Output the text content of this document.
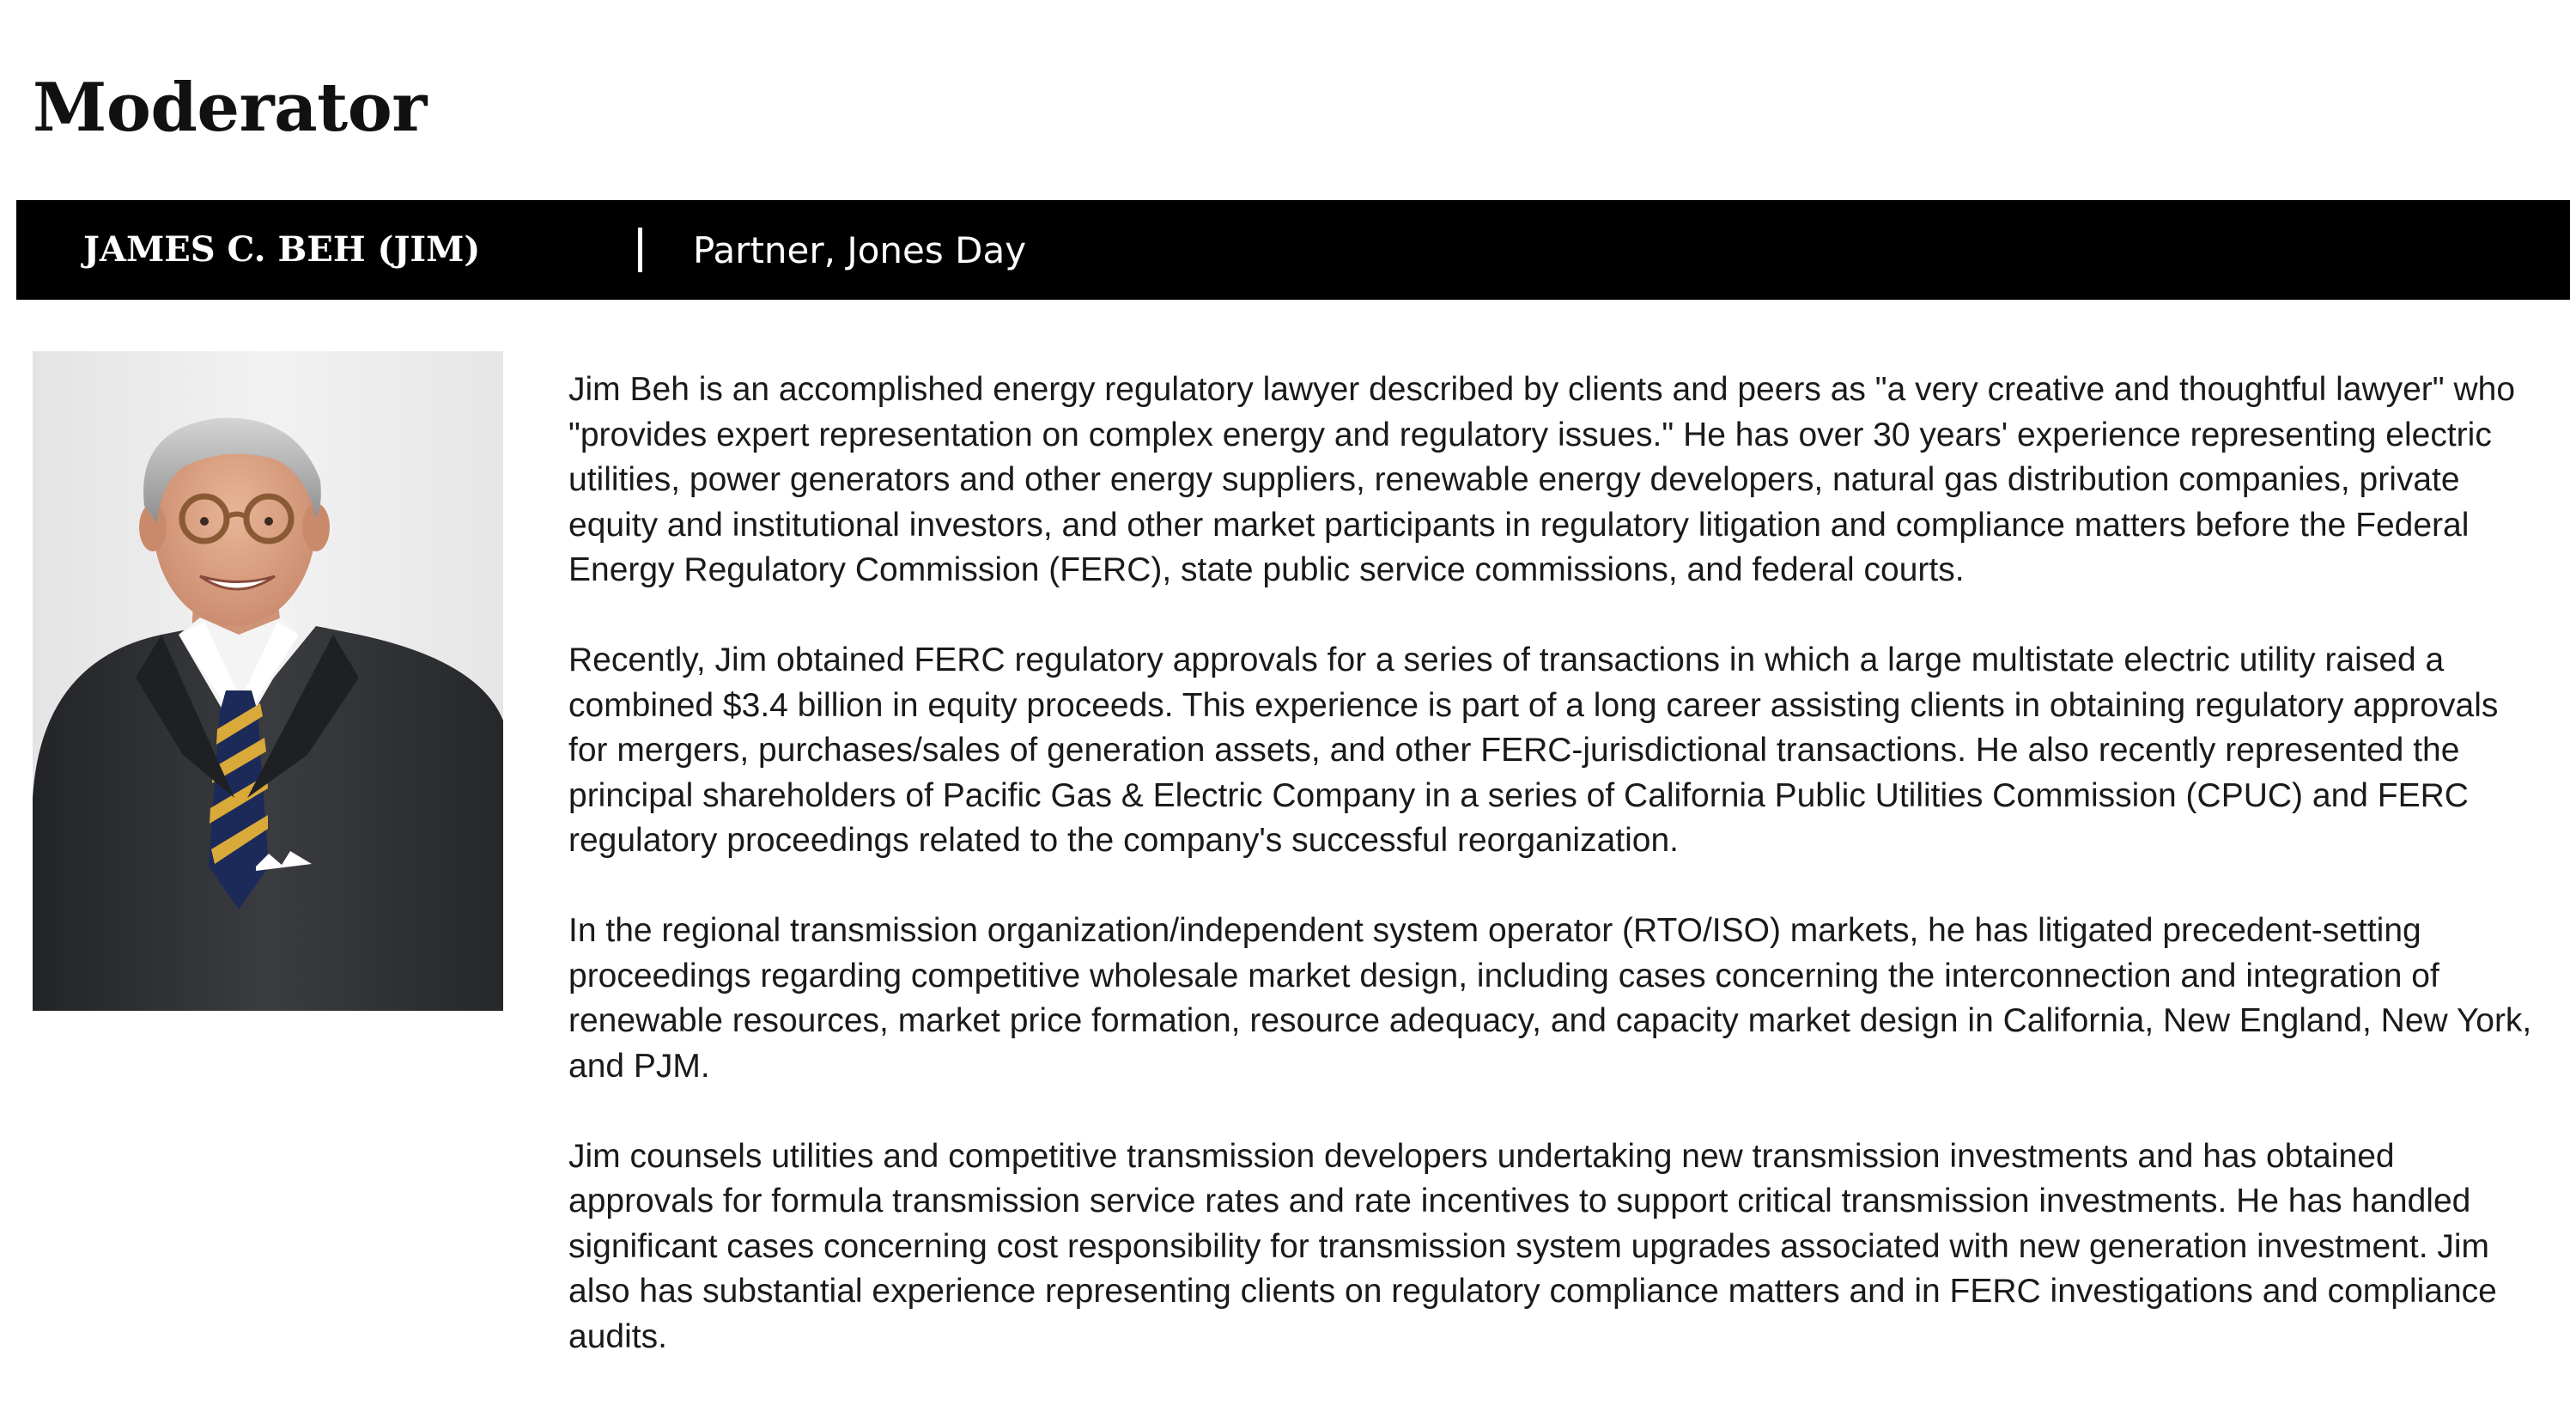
Moderator
JAMES C. BEH (JIM)	Partner, Jones Day

Jim Beh is an accomplished energy regulatory lawyer described by clients and peers as "a very creative and thoughtful lawyer" who "provides expert representation on complex energy and regulatory issues." He has over 30 years' experience representing electric utilities, power generators and other energy suppliers, renewable energy developers, natural gas distribution companies, private equity and institutional investors, and other market participants in regulatory litigation and compliance matters before the Federal Energy Regulatory Commission (FERC), state public service commissions, and federal courts.

Recently, Jim obtained FERC regulatory approvals for a series of transactions in which a large multistate electric utility raised a combined $3.4 billion in equity proceeds. This experience is part of a long career assisting clients in obtaining regulatory approvals for mergers, purchases/sales of generation assets, and other FERC-jurisdictional transactions. He also recently represented the principal shareholders of Pacific Gas & Electric Company in a series of California Public Utilities Commission (CPUC) and FERC regulatory proceedings related to the company's successful reorganization.

In the regional transmission organization/independent system operator (RTO/ISO) markets, he has litigated precedent-setting proceedings regarding competitive wholesale market design, including cases concerning the interconnection and integration of renewable resources, market price formation, resource adequacy, and capacity market design in California, New England, New York, and PJM.

Jim counsels utilities and competitive transmission developers undertaking new transmission investments and has obtained approvals for formula transmission service rates and rate incentives to support critical transmission investments. He has handled significant cases concerning cost responsibility for transmission system upgrades associated with new generation investment. Jim also has substantial experience representing clients on regulatory compliance matters and in FERC investigations and compliance audits.
